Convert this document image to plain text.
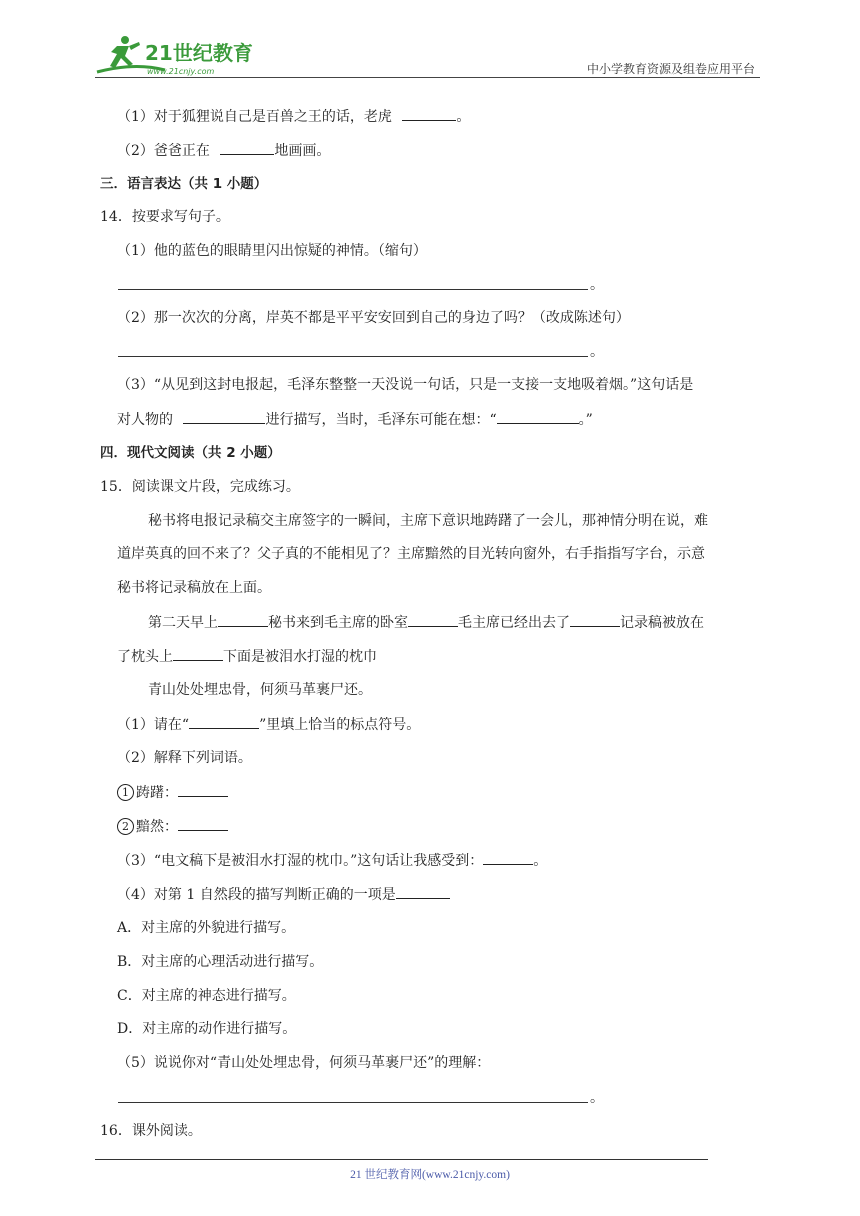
21世纪教育
www.21cnjy.com	中小学教育资源及组卷应用平台
（1）对于狐狸说自己是百兽之王的话，老虎	。
（2）爸爸正在	地画画。
三．语言表达（共 1 小题）
14．按要求写句子。
（1）他的蓝色的眼睛里闪出惊疑的神情。（缩句）
。
（2）那一次次的分离，岸英不都是平平安安回到自己的身边了吗？（改成陈述句）
。
（3）“从见到这封电报起，毛泽东整整一天没说一句话，只是一支接一支地吸着烟。”这句话是
对人物的	进行描写，当时，毛泽东可能在想：“	。”
四．现代文阅读（共 2 小题）
15．阅读课文片段，完成练习。
秘书将电报记录稿交主席签字的一瞬间，主席下意识地踌躇了一会儿，那神情分明在说，难
道岸英真的回不来了？父子真的不能相见了？主席黯然的目光转向窗外，右手指指写字台，示意
秘书将记录稿放在上面。
第二天早上	秘书来到毛主席的卧室	毛主席已经出去了	记录稿被放在
了枕头上	下面是被泪水打湿的枕巾
青山处处埋忠骨，何须马革裹尸还。
（1）请在“	”里填上恰当的标点符号。
（2）解释下列词语。
1 踌躇：
2 黯然：
（3）“电文稿下是被泪水打湿的枕巾。”这句话让我感受到：	。
（4）对第 1 自然段的描写判断正确的一项是
A．对主席的外貌进行描写。
B．对主席的心理活动进行描写。
C．对主席的神态进行描写。
D．对主席的动作进行描写。
（5）说说你对“青山处处埋忠骨，何须马革裹尸还”的理解：
。
16．课外阅读。
21 世纪教育网(www.21cnjy.com)
